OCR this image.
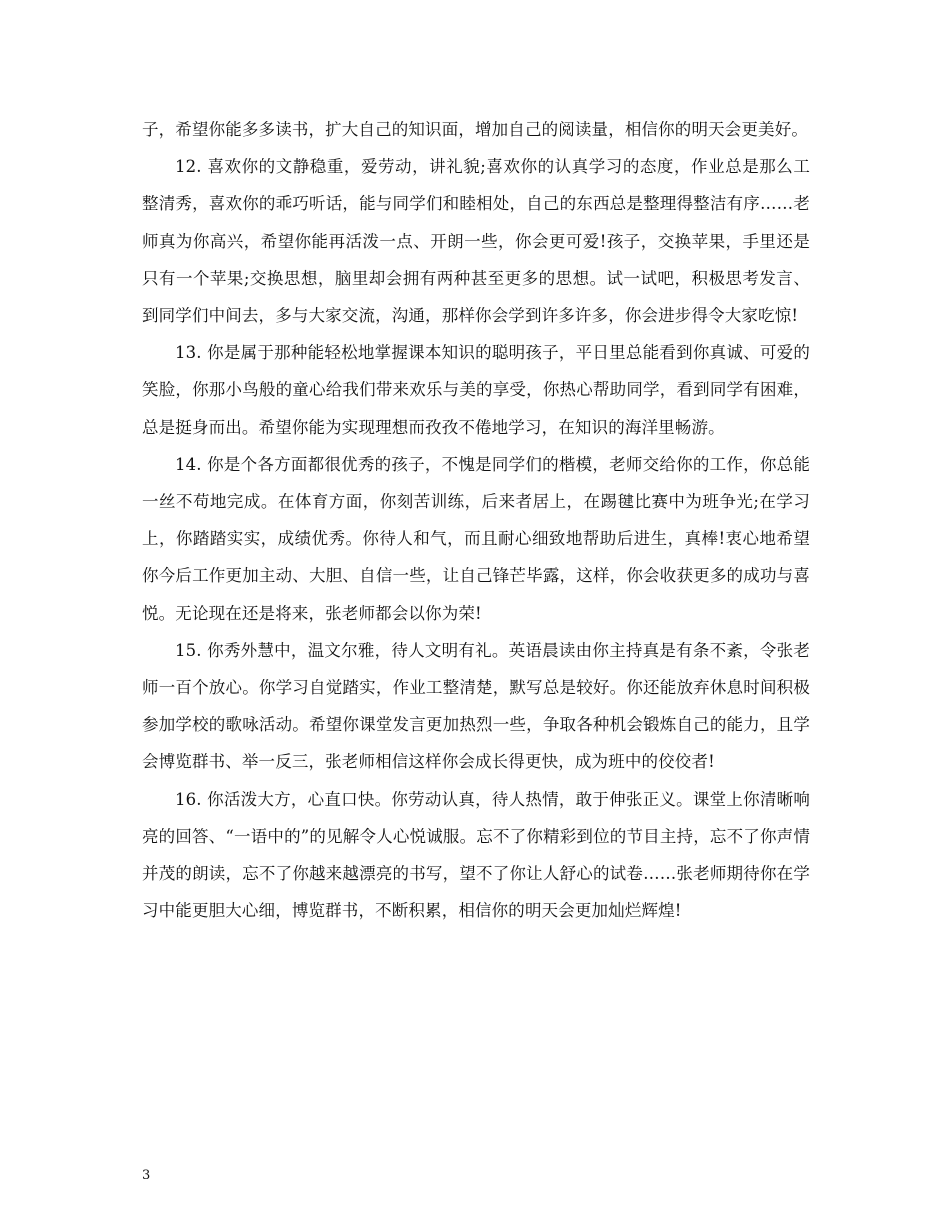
子，希望你能多多读书，扩大自己的知识面，增加自己的阅读量，相信你的明天会更美好。

12. 喜欢你的文静稳重，爱劳动，讲礼貌;喜欢你的认真学习的态度，作业总是那么工整清秀，喜欢你的乖巧听话，能与同学们和睦相处，自己的东西总是整理得整洁有序……老师真为你高兴，希望你能再活泼一点、开朗一些，你会更可爱!孩子，交换苹果，手里还是只有一个苹果;交换思想，脑里却会拥有两种甚至更多的思想。试一试吧，积极思考发言、到同学们中间去，多与大家交流，沟通，那样你会学到许多许多，你会进步得令大家吃惊!

13. 你是属于那种能轻松地掌握课本知识的聪明孩子，平日里总能看到你真诚、可爱的笑脸，你那小鸟般的童心给我们带来欢乐与美的享受，你热心帮助同学，看到同学有困难，总是挺身而出。希望你能为实现理想而孜孜不倦地学习，在知识的海洋里畅游。

14. 你是个各方面都很优秀的孩子，不愧是同学们的楷模，老师交给你的工作，你总能一丝不苟地完成。在体育方面，你刻苦训练，后来者居上，在踢毽比赛中为班争光;在学习上，你踏踏实实，成绩优秀。你待人和气，而且耐心细致地帮助后进生，真棒!衷心地希望你今后工作更加主动、大胆、自信一些，让自己锋芒毕露，这样，你会收获更多的成功与喜悦。无论现在还是将来，张老师都会以你为荣!

15. 你秀外慧中，温文尔雅，待人文明有礼。英语晨读由你主持真是有条不紊，令张老师一百个放心。你学习自觉踏实，作业工整清楚，默写总是较好。你还能放弃休息时间积极参加学校的歌咏活动。希望你课堂发言更加热烈一些，争取各种机会锻炼自己的能力，且学会博览群书、举一反三，张老师相信这样你会成长得更快，成为班中的佼佼者!

16. 你活泼大方，心直口快。你劳动认真，待人热情，敢于伸张正义。课堂上你清晰响亮的回答、“一语中的”的见解令人心悦诚服。忘不了你精彩到位的节目主持，忘不了你声情并茂的朗读，忘不了你越来越漂亮的书写，望不了你让人舒心的试卷……张老师期待你在学习中能更胆大心细，博览群书，不断积累，相信你的明天会更加灿烂辉煌!

3
